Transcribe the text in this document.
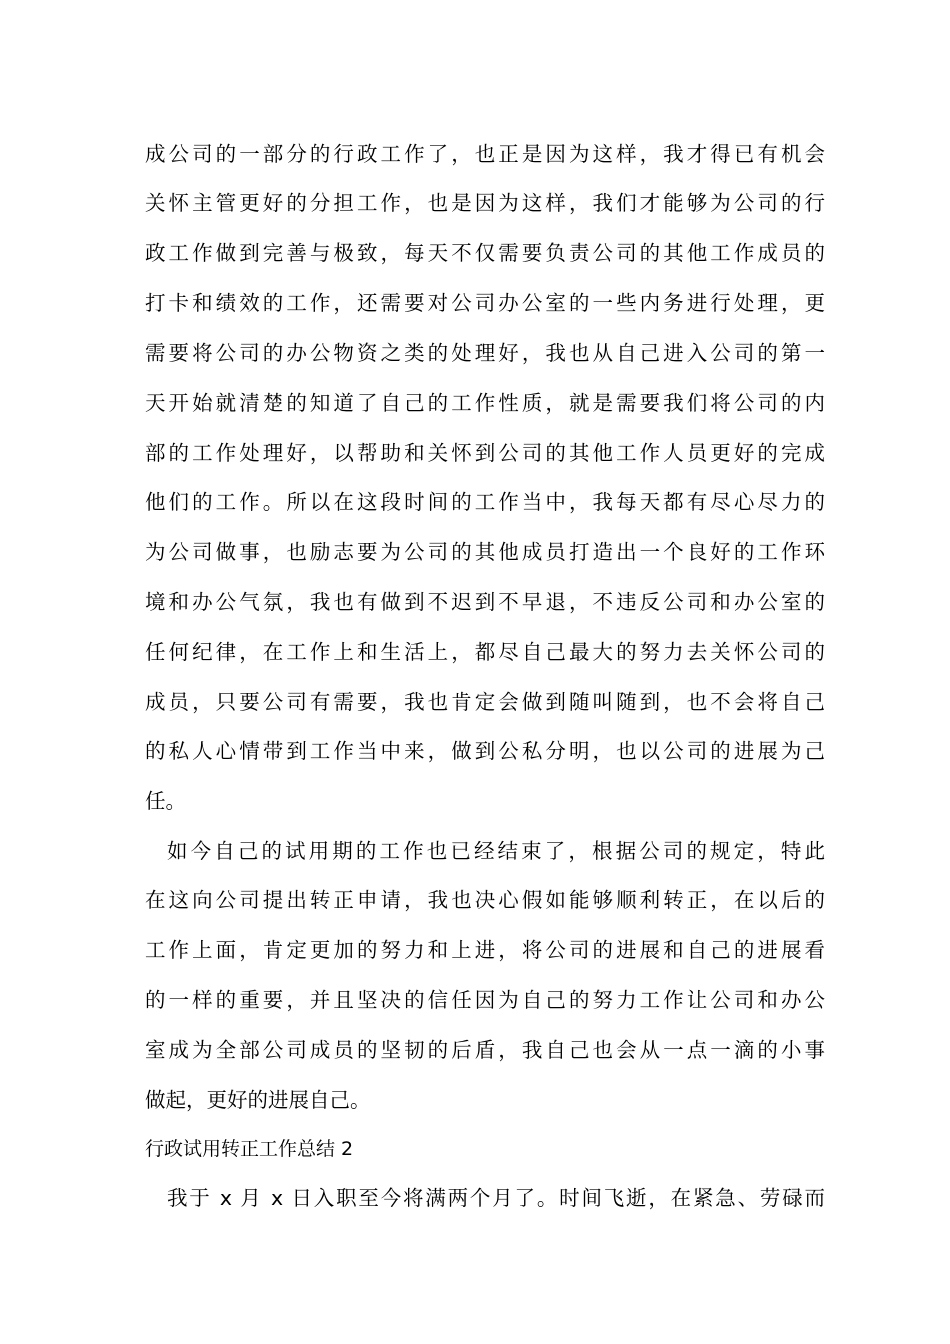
成公司的一部分的行政工作了，也正是因为这样，我才得已有机会
关怀主管更好的分担工作，也是因为这样，我们才能够为公司的行
政工作做到完善与极致，每天不仅需要负责公司的其他工作成员的
打卡和绩效的工作，还需要对公司办公室的一些内务进行处理，更
需要将公司的办公物资之类的处理好，我也从自己进入公司的第一
天开始就清楚的知道了自己的工作性质，就是需要我们将公司的内
部的工作处理好，以帮助和关怀到公司的其他工作人员更好的完成
他们的工作。所以在这段时间的工作当中，我每天都有尽心尽力的
为公司做事，也励志要为公司的其他成员打造出一个良好的工作环
境和办公气氛，我也有做到不迟到不早退，不违反公司和办公室的
任何纪律，在工作上和生活上，都尽自己最大的努力去关怀公司的
成员，只要公司有需要，我也肯定会做到随叫随到，也不会将自己
的私人心情带到工作当中来，做到公私分明，也以公司的进展为己
任。
如今自己的试用期的工作也已经结束了，根据公司的规定，特此
在这向公司提出转正申请，我也决心假如能够顺利转正，在以后的
工作上面，肯定更加的努力和上进，将公司的进展和自己的进展看
的一样的重要，并且坚决的信任因为自己的努力工作让公司和办公
室成为全部公司成员的坚韧的后盾，我自己也会从一点一滴的小事
做起，更好的进展自己。
行政试用转正工作总结 2
我于 x 月 x 日入职至今将满两个月了。时间飞逝，在紧急、劳碌而
